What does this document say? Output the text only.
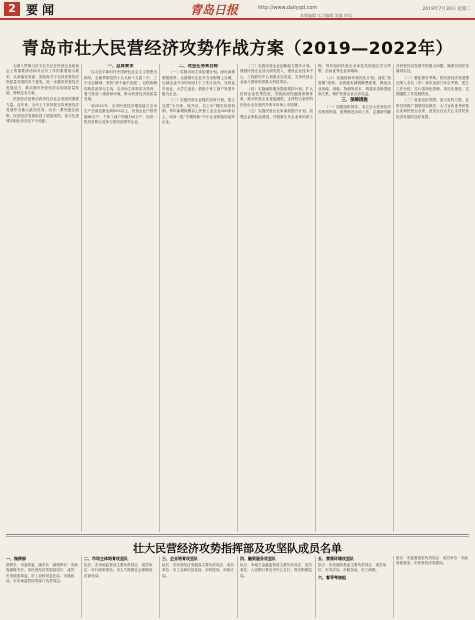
2 要闻	青岛日报	http://www.dailyqd.com	2019年7月30日 星期二
本版编辑 实习编辑 美编 审读
青岛市壮大民营经济攻势作战方案（2019—2022年）

为深入贯彻习近平总书记在民营企业座谈会上的重要讲话和对山东工作的重要指示要求，认真落实省委、省政府关于支持民营经济高质量发展的若干意见，进一步激发民营经济发展活力，推动我市民营经济实现高质量发展，特制定本方案。

民营经济是推动我市经济社会发展的重要力量。近年来，全市上下坚持把支持民营经济发展作为重大政治任务，出台一系列惠企政策，民营经济发展取得了明显成效，但与先进城市相比仍存在不少差距。

一、总体要求

以习近平新时代中国特色社会主义思想为指导，全面贯彻党的十九大和十九届二中、三中全会精神，坚持“两个毫不动摇”，以供给侧结构性改革为主线，以市场主体需求为导向，着力营造一流营商环境，推动民营经济高质量发展。

到2022年，全市民营经济增加值占全市生产总值比重达到55%以上，民营企业户数突破40万户，个体工商户突破100万户，培育一批具有核心竞争力的民营领军企业。

二、攻坚任务和目标

（一）实施市场主体倍增计划。深化商事制度改革，全面推行企业开办全程网上办理，压减企业开办时间至1个工作日以内。支持返乡创业、大学生创业，鼓励个体工商户转型升级为企业。

（二）实施民营企业梯次培育计划。建立完善“小升规、规升巨、巨上市”梯次培育机制，每年新增规模以上民营工业企业200家以上，培育一批“专精特新”中小企业和隐形冠军企业。

（三）实施民营企业创新能力提升计划。鼓励民营企业加大研发投入，建设企业技术中心、工程研究中心和重点实验室，支持民营企业参与国家和省重大科技项目。

（四）实施融资服务提质增效计划。扩大民营企业信贷投放，发展政府性融资担保体系，推动民营企业直接融资，支持符合条件的民营企业在境内外资本市场上市挂牌。

（五）实施民营企业家素质提升计划。加强企业家队伍建设，开展新生代企业家培养工程，每年组织民营企业家赴先进地区学习考察，弘扬优秀企业家精神。

（六）实施营商环境优化计划。深化“放管服”改革，全面落实减税降费政策，降低企业用能、用地、物流等成本，构建亲清新型政商关系，保护民营企业合法权益。

三、保障措施

（一）加强组织领导。成立壮大民营经济攻势指挥部，统筹推进各项工作，定期研究解决民营经济发展中的重大问题，确保各项任务落到实处。

（二）强化督导考核。将民营经济发展情况纳入各区（市）和市直部门综合考核，建立工作台账，实行清单化管理、项目化推进，定期通报工作进展情况。

（三）营造良好氛围。加大宣传力度，及时总结推广典型经验做法，大力宣传优秀民营企业和民营企业家，营造全社会关心支持民营经济发展的良好氛围。

壮大民营经济攻势指挥部及攻坚队成员名单

一、指挥部

指挥长：市委常委、副市长　副指挥长：市政府副秘书长，市民营经济发展局局长　成员：市发展改革委、市工业和信息化局、市财政局、市市场监管局等部门负责同志。

二、市场主体培育攻坚队

队长：市市场监管局主要负责同志　成员单位：市行政审批局、市人力资源社会保障局、市商务局。

三、企业培育攻坚队

队长：市民营经济发展局主要负责同志　成员单位：市工业和信息化局、市科技局、市统计局。

四、融资服务攻坚队

队长：市地方金融监管局主要负责同志　成员单位：人民银行青岛市中心支行、青岛银保监局。

五、营商环境攻坚队

队长：市发展改革委主要负责同志　成员单位：市司法局、市税务局、市工商联。

六、督导考核组

组长：市委督查室负责同志　成员单位：市政府督查室、市民营经济发展局。
